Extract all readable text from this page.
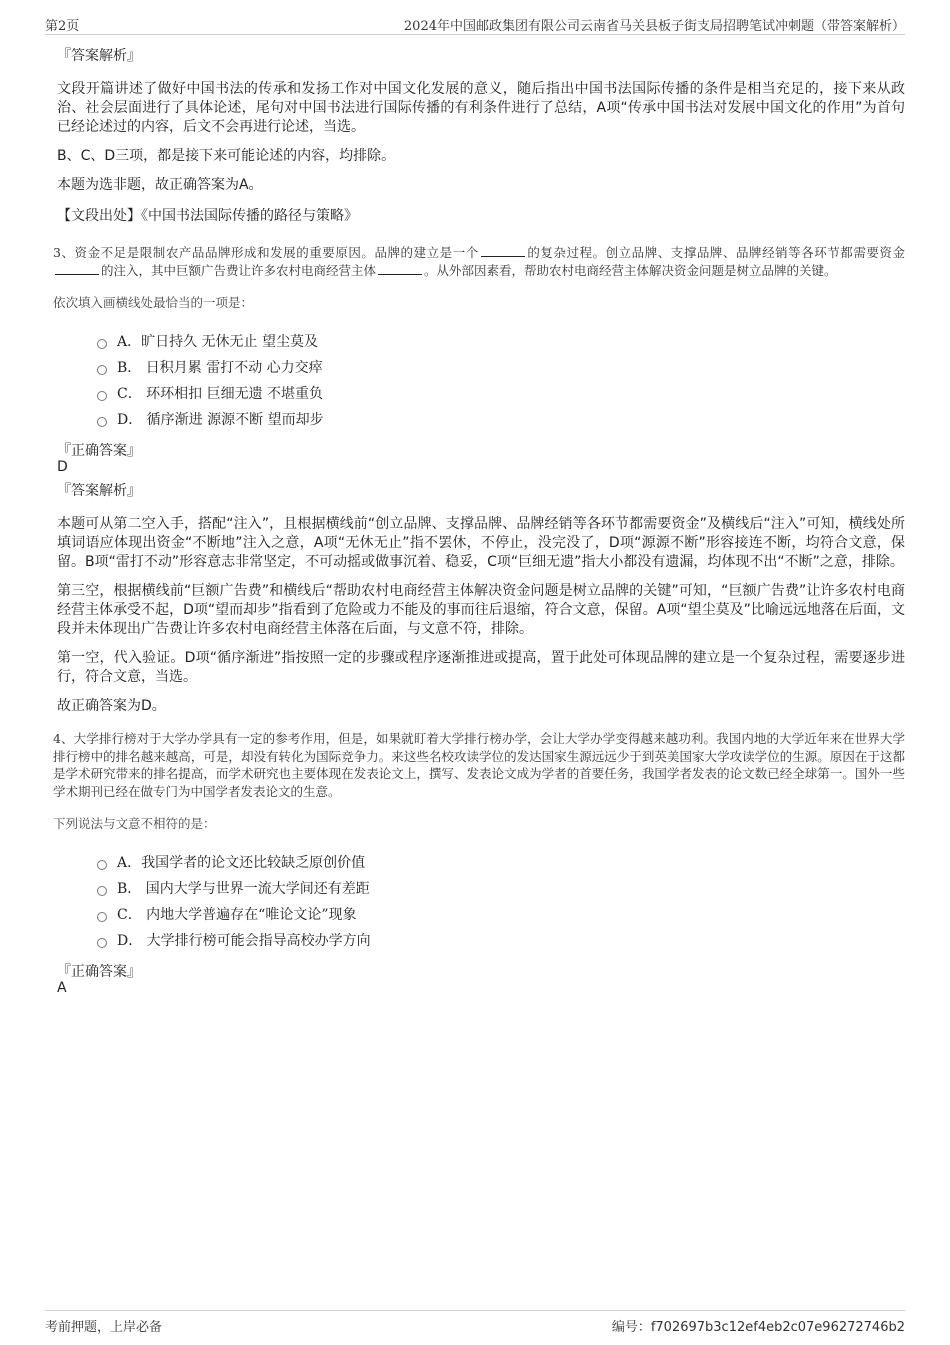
第2页	2024年中国邮政集团有限公司云南省马关县板子街支局招聘笔试冲刺题（带答案解析）
『答案解析』

文段开篇讲述了做好中国书法的传承和发扬工作对中国文化发展的意义，随后指出中国书法国际传播的条件是相当充足的，接下来从政治、社会层面进行了具体论述，尾句对中国书法进行国际传播的有利条件进行了总结，A项“传承中国书法对发展中国文化的作用”为首句已经论述过的内容，后文不会再进行论述，当选。

B、C、D三项，都是接下来可能论述的内容，均排除。

本题为选非题，故正确答案为A。

【文段出处】《中国书法国际传播的路径与策略》

3、资金不足是限制农产品品牌形成和发展的重要原因。品牌的建立是一个	的复杂过程。创立品牌、支撑品牌、品牌经销等各环节都需要资金的注入，其中巨额广告费让许多农村电商经营主体	。从外部因素看，帮助农村电商经营主体解决资金问题是树立品牌的关键。

依次填入画横线处最恰当的一项是：

A．旷日持久 无休无止 望尘莫及
B． 日积月累 雷打不动 心力交瘁
C． 环环相扣 巨细无遗 不堪重负
D． 循序渐进 源源不断 望而却步
『正确答案』
D
『答案解析』

本题可从第二空入手，搭配“注入”，且根据横线前“创立品牌、支撑品牌、品牌经销等各环节都需要资金”及横线后“注入”可知，横线处所填词语应体现出资金“不断地”注入之意，A项“无休无止”指不罢休，不停止，没完没了，D项“源源不断”形容接连不断，均符合文意，保留。B项“雷打不动”形容意志非常坚定，不可动摇或做事沉着、稳妥，C项“巨细无遗”指大小都没有遗漏，均体现不出“不断”之意，排除。

第三空，根据横线前“巨额广告费”和横线后“帮助农村电商经营主体解决资金问题是树立品牌的关键”可知，“巨额广告费”让许多农村电商经营主体承受不起，D项“望而却步”指看到了危险或力不能及的事而往后退缩，符合文意，保留。A项“望尘莫及”比喻远远地落在后面，文段并未体现出广告费让许多农村电商经营主体落在后面，与文意不符，排除。

第一空，代入验证。D项“循序渐进”指按照一定的步骤或程序逐渐推进或提高，置于此处可体现品牌的建立是一个复杂过程，需要逐步进行，符合文意，当选。

故正确答案为D。

4、大学排行榜对于大学办学具有一定的参考作用，但是，如果就盯着大学排行榜办学，会让大学办学变得越来越功利。我国内地的大学近年来在世界大学排行榜中的排名越来越高，可是，却没有转化为国际竞争力。来这些名校攻读学位的发达国家生源远远少于到英美国家大学攻读学位的生源。原因在于这都是学术研究带来的排名提高，而学术研究也主要体现在发表论文上，撰写、发表论文成为学者的首要任务，我国学者发表的论文数已经全球第一。国外一些学术期刊已经在做专门为中国学者发表论文的生意。

下列说法与文意不相符的是：

A．我国学者的论文还比较缺乏原创价值
B． 国内大学与世界一流大学间还有差距
C． 内地大学普遍存在“唯论文论”现象
D． 大学排行榜可能会指导高校办学方向
『正确答案』
A
考前押题，上岸必备	编号：f702697b3c12ef4eb2c07e96272746b2
